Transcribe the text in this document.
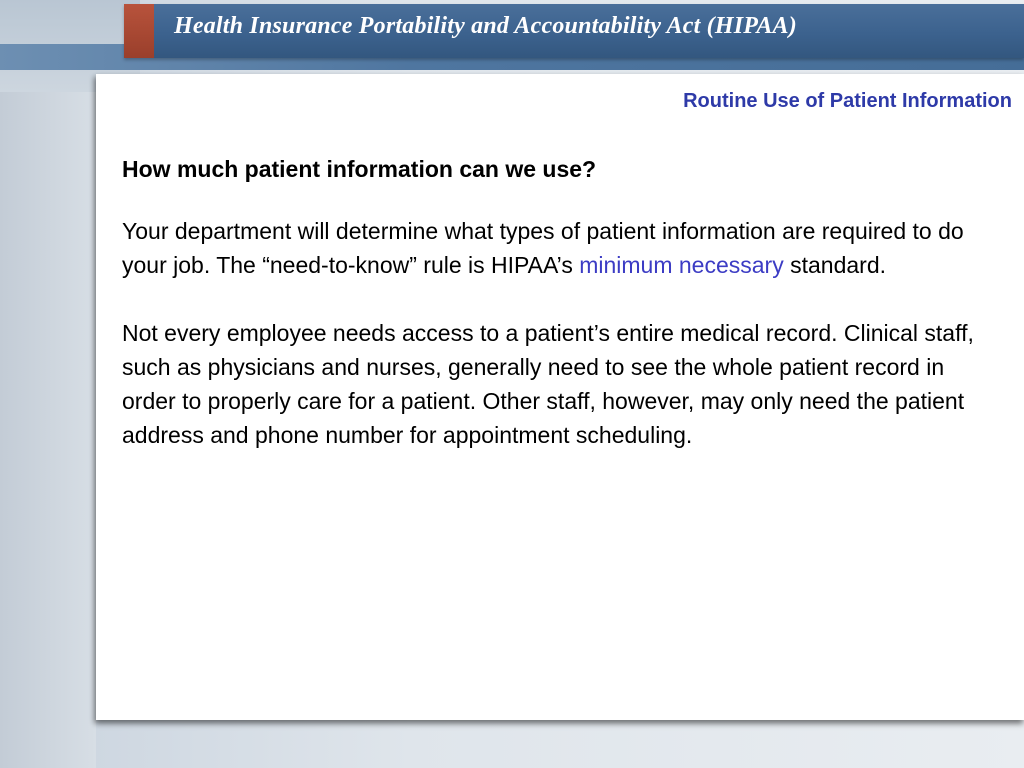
Health Insurance Portability and Accountability Act (HIPAA)
Routine Use of Patient Information

How much patient information can we use?

Your department will determine what types of patient information are required to do your job. The “need-to-know” rule is HIPAA’s minimum necessary standard.

Not every employee needs access to a patient’s entire medical record. Clinical staff, such as physicians and nurses, generally need to see the whole patient record in order to properly care for a patient. Other staff, however, may only need the patient address and phone number for appointment scheduling.
